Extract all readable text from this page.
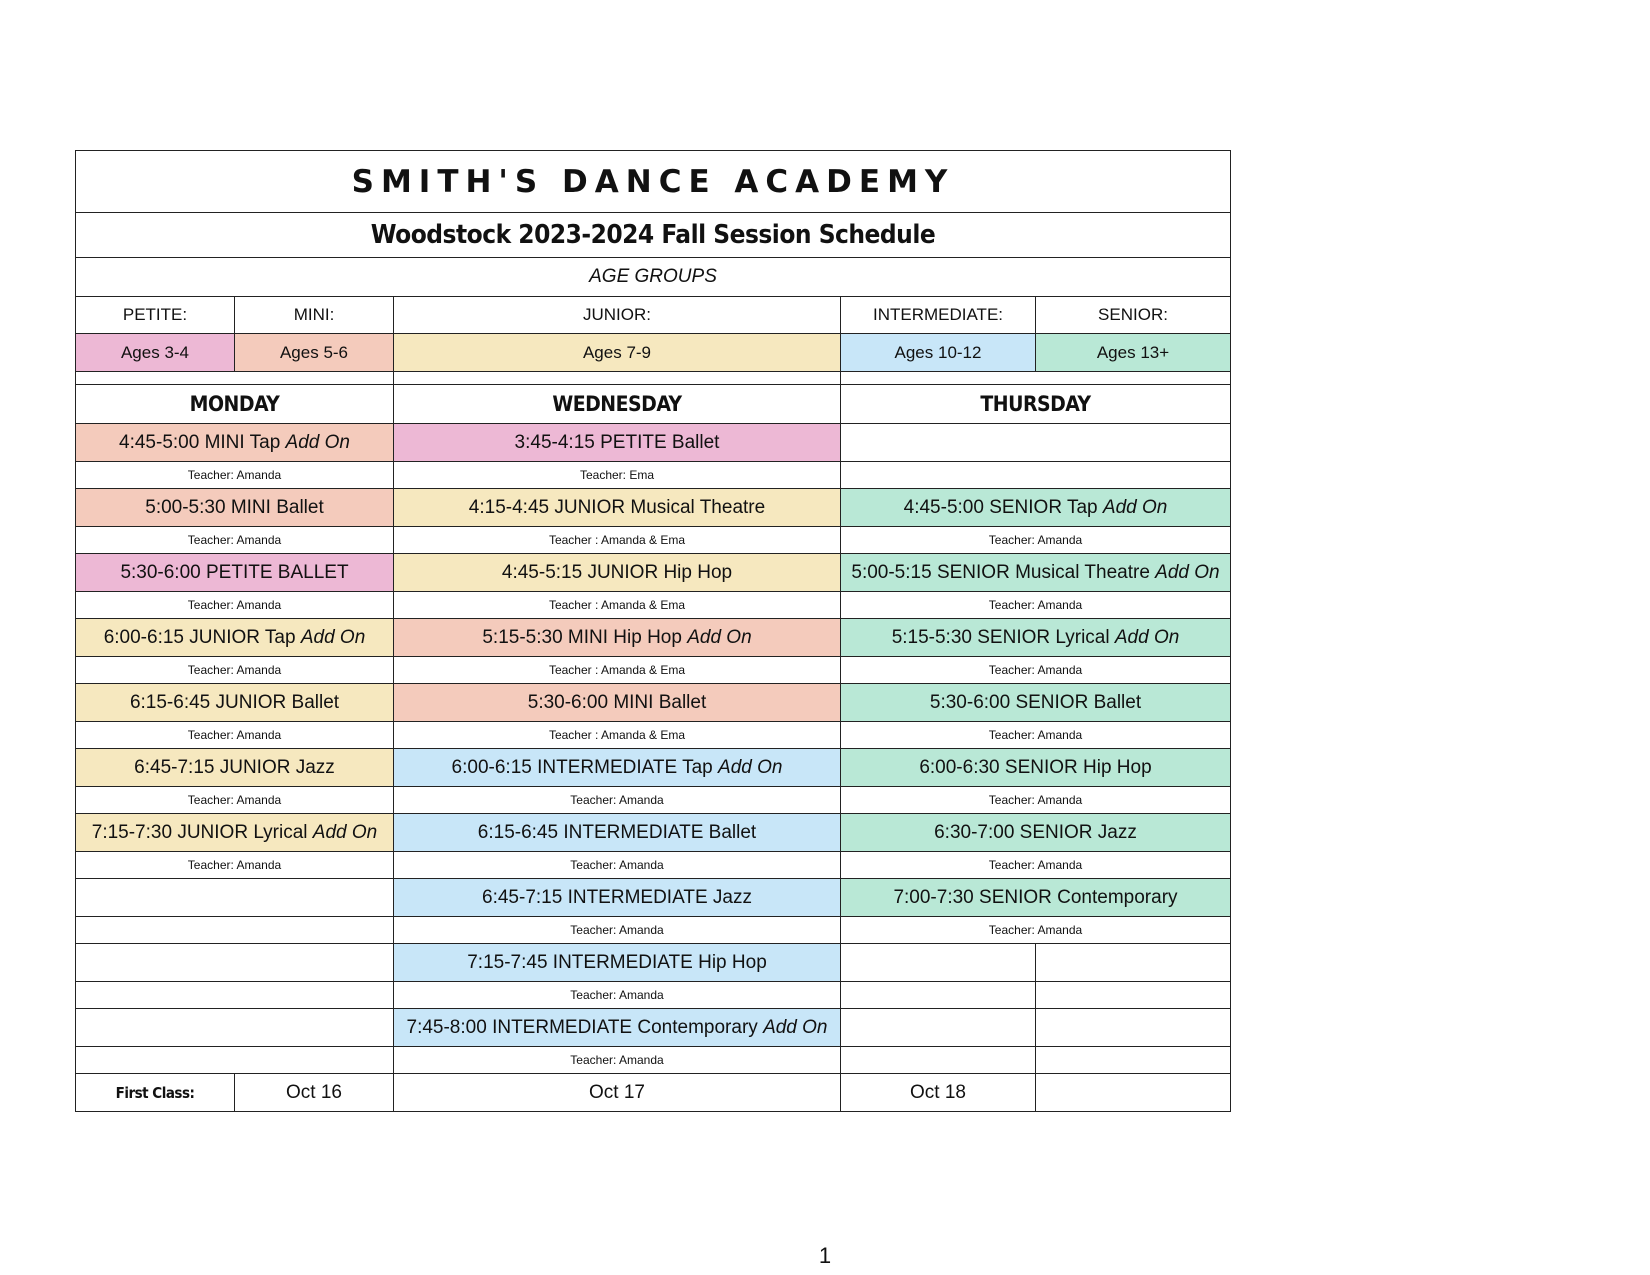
SMITH'S DANCE ACADEMY				
Woodstock 2023-2024 Fall Session Schedule				
AGE GROUPS				
PETITE:	MINI:	JUNIOR:	INTERMEDIATE:	SENIOR:
Ages 3-4	Ages 5-6	Ages 7-9	Ages 10-12	Ages 13+

MONDAY		WEDNESDAY	THURSDAY	
4:45-5:00 MINI Tap Add On		3:45-4:15 PETITE Ballet		
Teacher: Amanda		Teacher: Ema		
5:00-5:30 MINI Ballet		4:15-4:45 JUNIOR Musical Theatre	4:45-5:00 SENIOR Tap Add On	
Teacher: Amanda		Teacher : Amanda & Ema	Teacher: Amanda	
5:30-6:00 PETITE BALLET		4:45-5:15 JUNIOR Hip Hop	5:00-5:15 SENIOR Musical Theatre Add On	
Teacher: Amanda		Teacher : Amanda & Ema	Teacher: Amanda	
6:00-6:15 JUNIOR Tap Add On		5:15-5:30 MINI Hip Hop Add On	5:15-5:30 SENIOR Lyrical Add On	
Teacher: Amanda		Teacher : Amanda & Ema	Teacher: Amanda	
6:15-6:45 JUNIOR Ballet		5:30-6:00 MINI Ballet	5:30-6:00 SENIOR Ballet	
Teacher: Amanda		Teacher : Amanda & Ema	Teacher: Amanda	
6:45-7:15 JUNIOR Jazz		6:00-6:15 INTERMEDIATE Tap Add On	6:00-6:30 SENIOR Hip Hop	
Teacher: Amanda		Teacher: Amanda	Teacher: Amanda	
7:15-7:30 JUNIOR Lyrical Add On		6:15-6:45 INTERMEDIATE Ballet	6:30-7:00 SENIOR Jazz	
Teacher: Amanda		Teacher: Amanda	Teacher: Amanda	
		6:45-7:15 INTERMEDIATE Jazz	7:00-7:30 SENIOR Contemporary	
		Teacher: Amanda	Teacher: Amanda	
		7:15-7:45 INTERMEDIATE Hip Hop		
		Teacher: Amanda		
		7:45-8:00 INTERMEDIATE Contemporary Add On		
		Teacher: Amanda		
First Class:	Oct 16	Oct 17	Oct 18	
1
